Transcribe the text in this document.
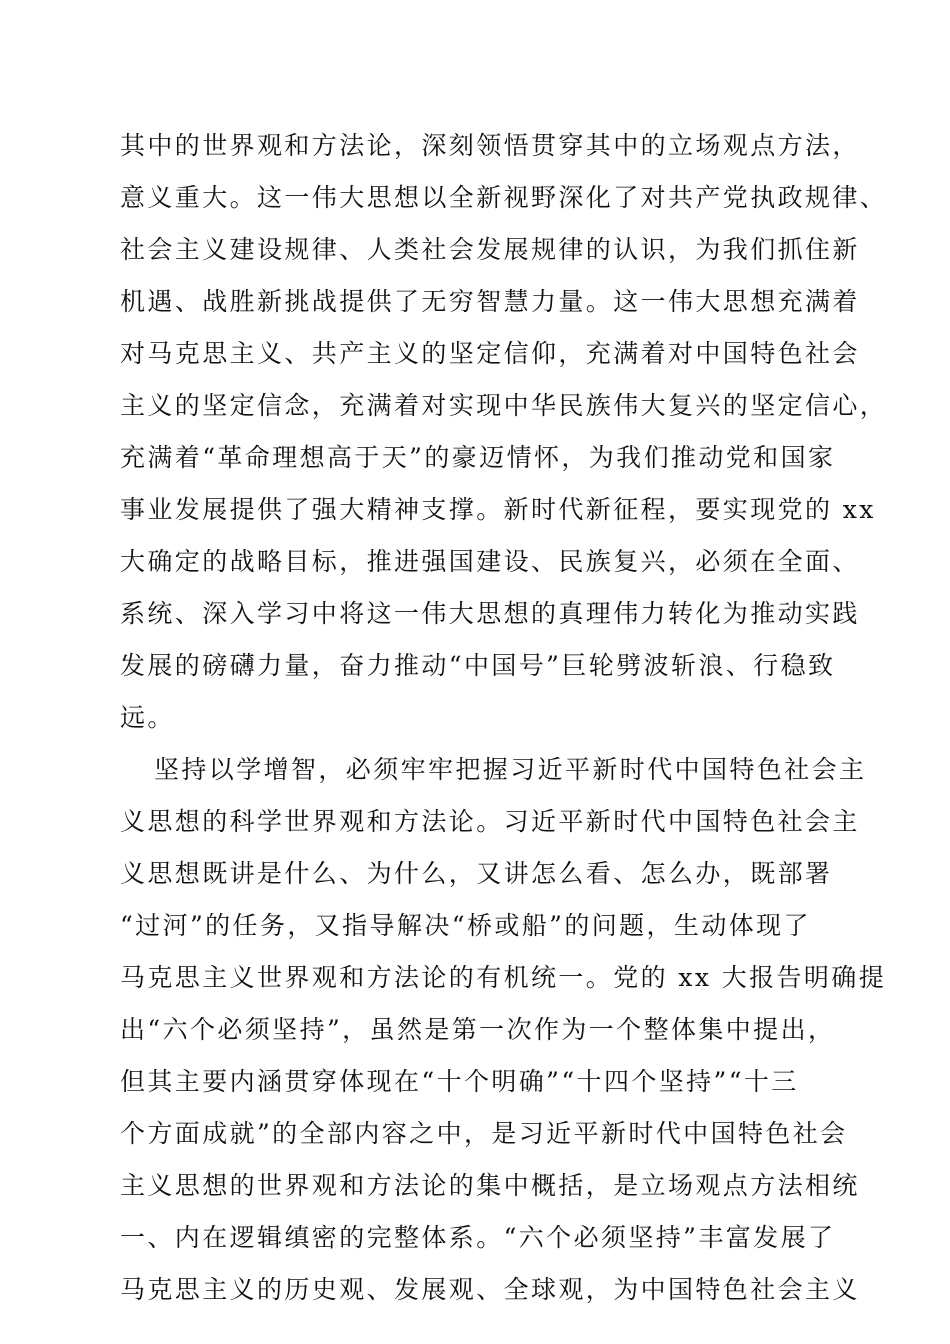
其中的世界观和方法论，深刻领悟贯穿其中的立场观点方法，
意义重大。这一伟大思想以全新视野深化了对共产党执政规律、
社会主义建设规律、人类社会发展规律的认识，为我们抓住新
机遇、战胜新挑战提供了无穷智慧力量。这一伟大思想充满着
对马克思主义、共产主义的坚定信仰，充满着对中国特色社会
主义的坚定信念，充满着对实现中华民族伟大复兴的坚定信心，
充满着“革命理想高于天”的豪迈情怀，为我们推动党和国家
事业发展提供了强大精神支撑。新时代新征程，要实现党的 xx
大确定的战略目标，推进强国建设、民族复兴，必须在全面、
系统、深入学习中将这一伟大思想的真理伟力转化为推动实践
发展的磅礴力量，奋力推动“中国号”巨轮劈波斩浪、行稳致
远。
坚持以学增智，必须牢牢把握习近平新时代中国特色社会主
义思想的科学世界观和方法论。习近平新时代中国特色社会主
义思想既讲是什么、为什么，又讲怎么看、怎么办，既部署
“过河”的任务，又指导解决“桥或船”的问题，生动体现了
马克思主义世界观和方法论的有机统一。党的 xx 大报告明确提
出“六个必须坚持”，虽然是第一次作为一个整体集中提出，
但其主要内涵贯穿体现在“十个明确”“十四个坚持”“十三
个方面成就”的全部内容之中，是习近平新时代中国特色社会
主义思想的世界观和方法论的集中概括，是立场观点方法相统
一、内在逻辑缜密的完整体系。“六个必须坚持”丰富发展了
马克思主义的历史观、发展观、全球观，为中国特色社会主义
